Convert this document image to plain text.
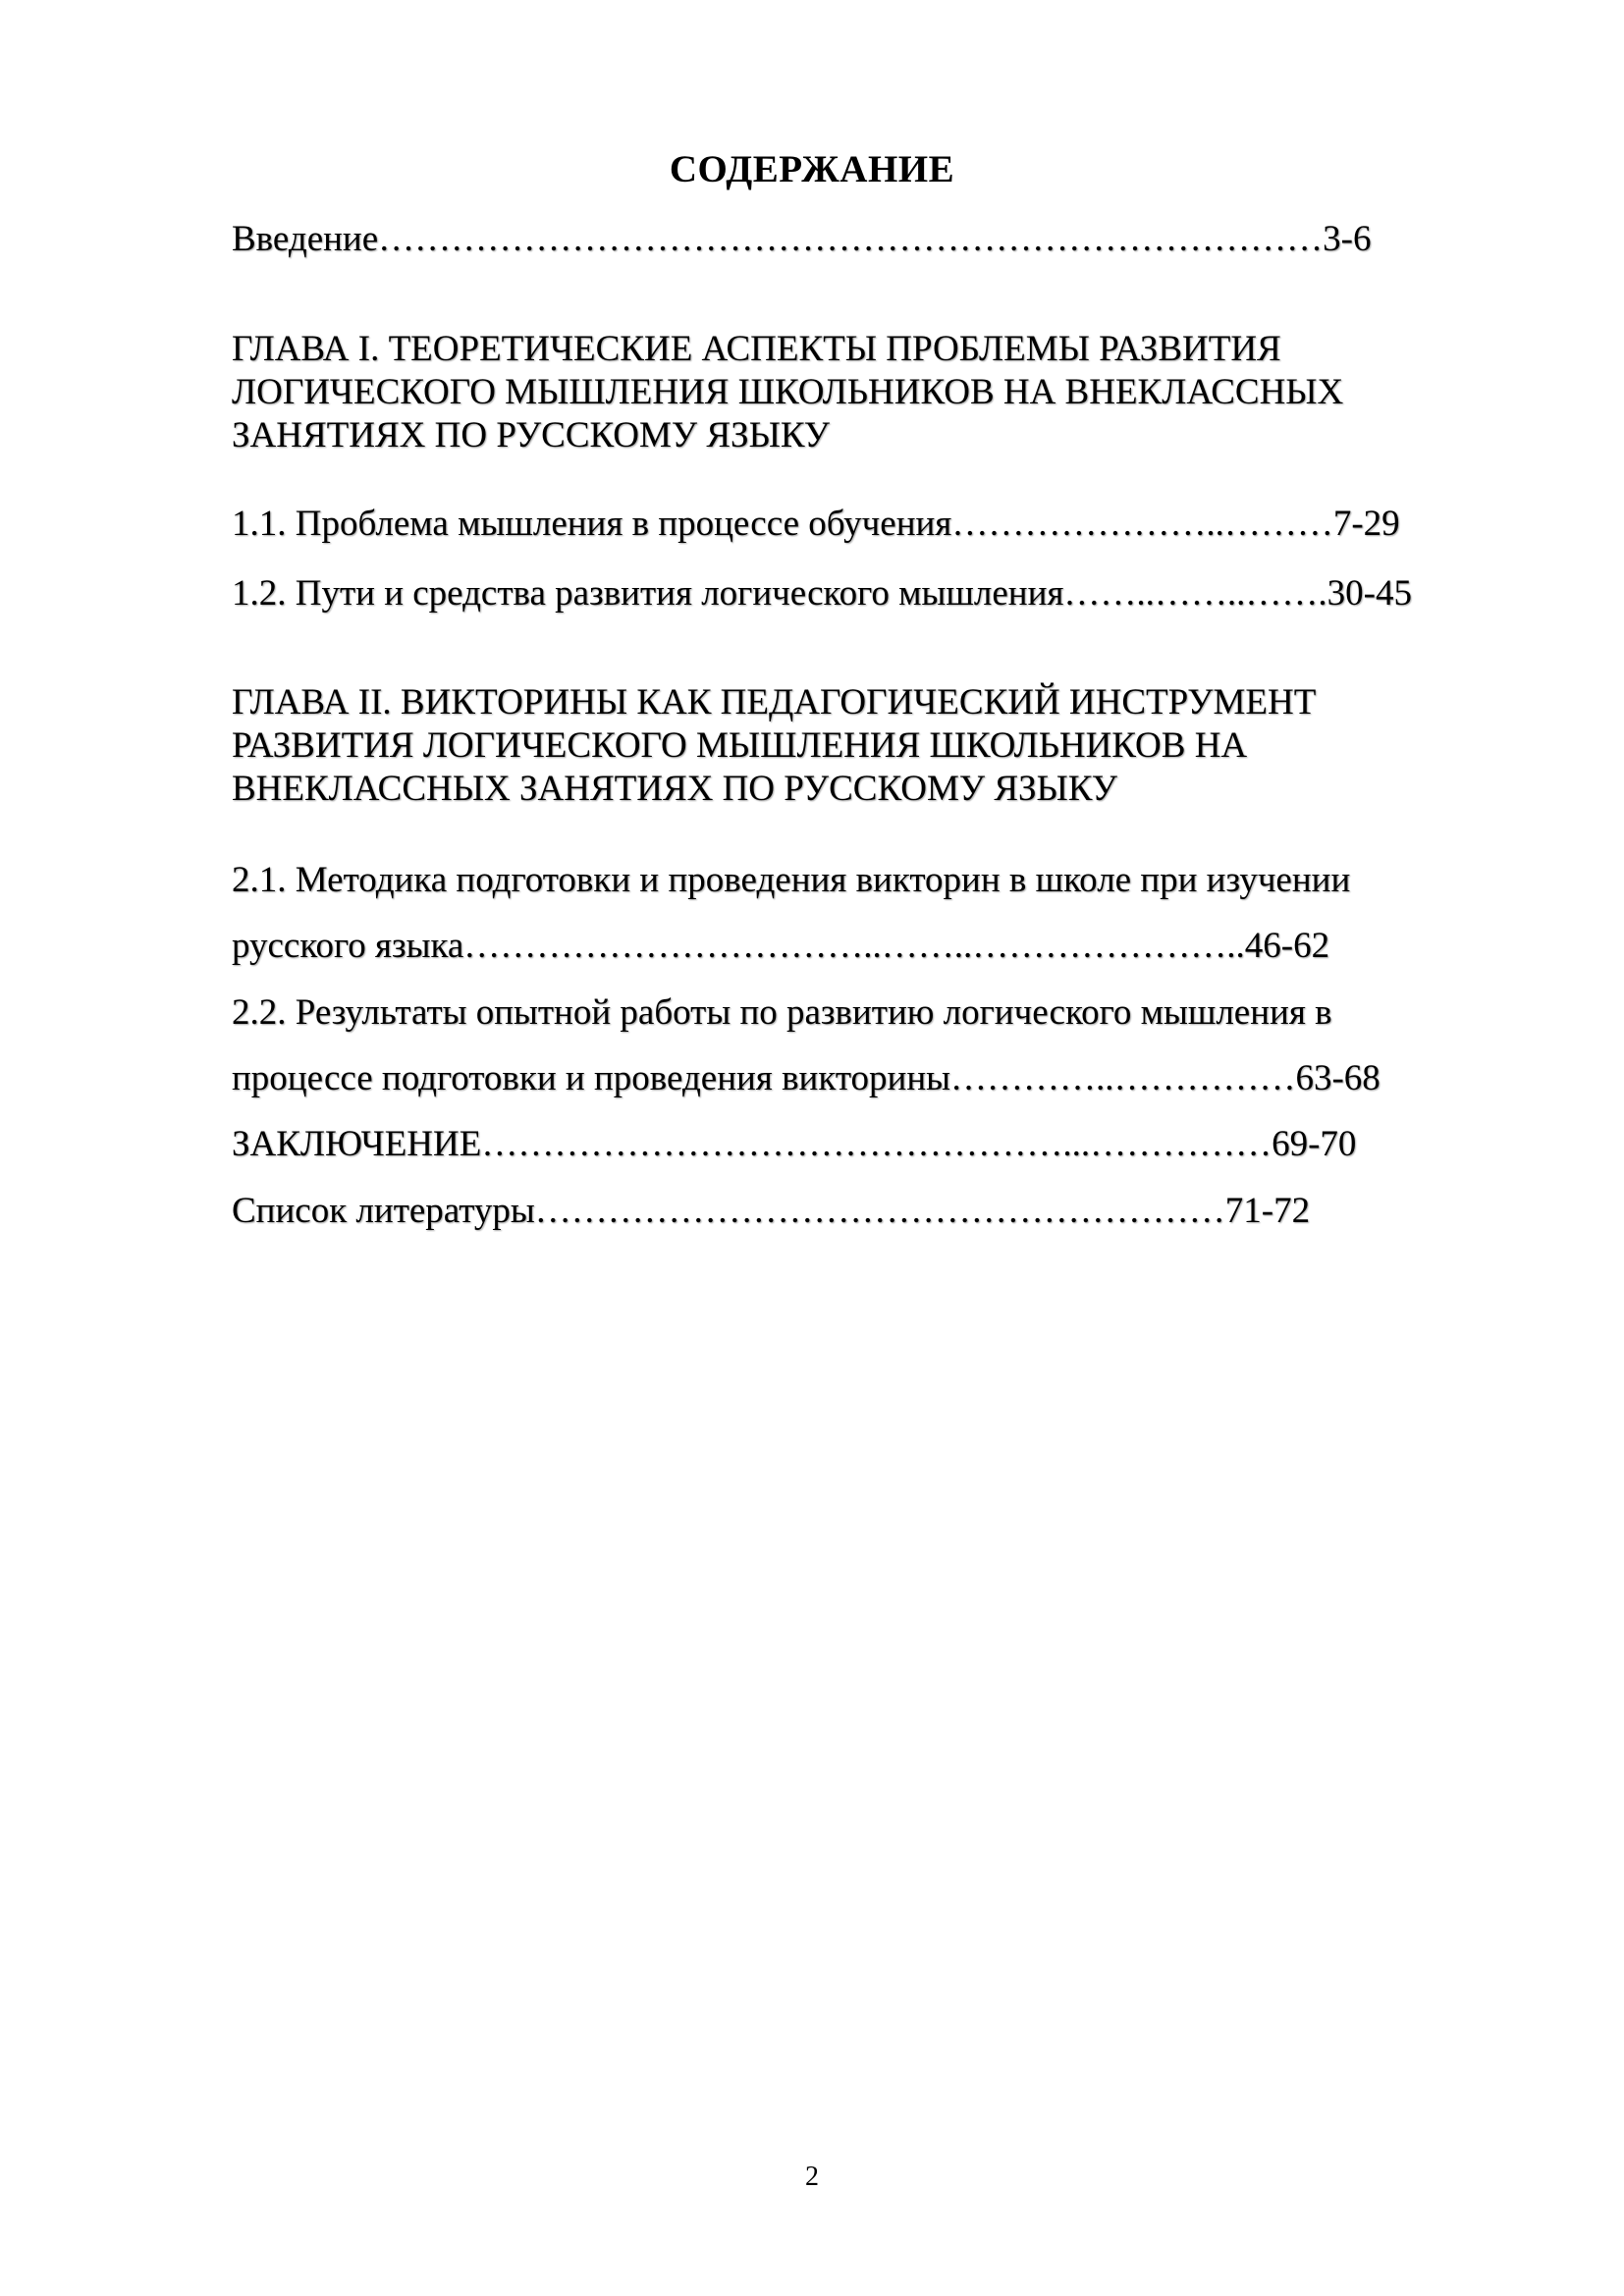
СОДЕРЖАНИЕ
Введение……………………………………………………………………3-6
ГЛАВА I. ТЕОРЕТИЧЕСКИЕ АСПЕКТЫ ПРОБЛЕМЫ РАЗВИТИЯ
ЛОГИЧЕСКОГО МЫШЛЕНИЯ ШКОЛЬНИКОВ НА ВНЕКЛАССНЫХ
ЗАНЯТИЯХ ПО РУССКОМУ ЯЗЫКУ
1.1. Проблема мышления в процессе обучения…………………..………7-29
1.2. Пути и средства развития логического мышления……..……..…….30-45
ГЛАВА II. ВИКТОРИНЫ КАК ПЕДАГОГИЧЕСКИЙ ИНСТРУМЕНТ
РАЗВИТИЯ ЛОГИЧЕСКОГО МЫШЛЕНИЯ ШКОЛЬНИКОВ НА
ВНЕКЛАССНЫХ ЗАНЯТИЯХ ПО РУССКОМУ ЯЗЫКУ
2.1. Методика подготовки и проведения викторин в школе при изучении
русского языка……………………………..……..…………………..46-62
2.2. Результаты опытной работы по развитию логического мышления в
процессе подготовки и проведения викторины…………..……………63-68
ЗАКЛЮЧЕНИЕ…………………………………………...……………69-70
Список литературы…………………………………………………71-72
2
